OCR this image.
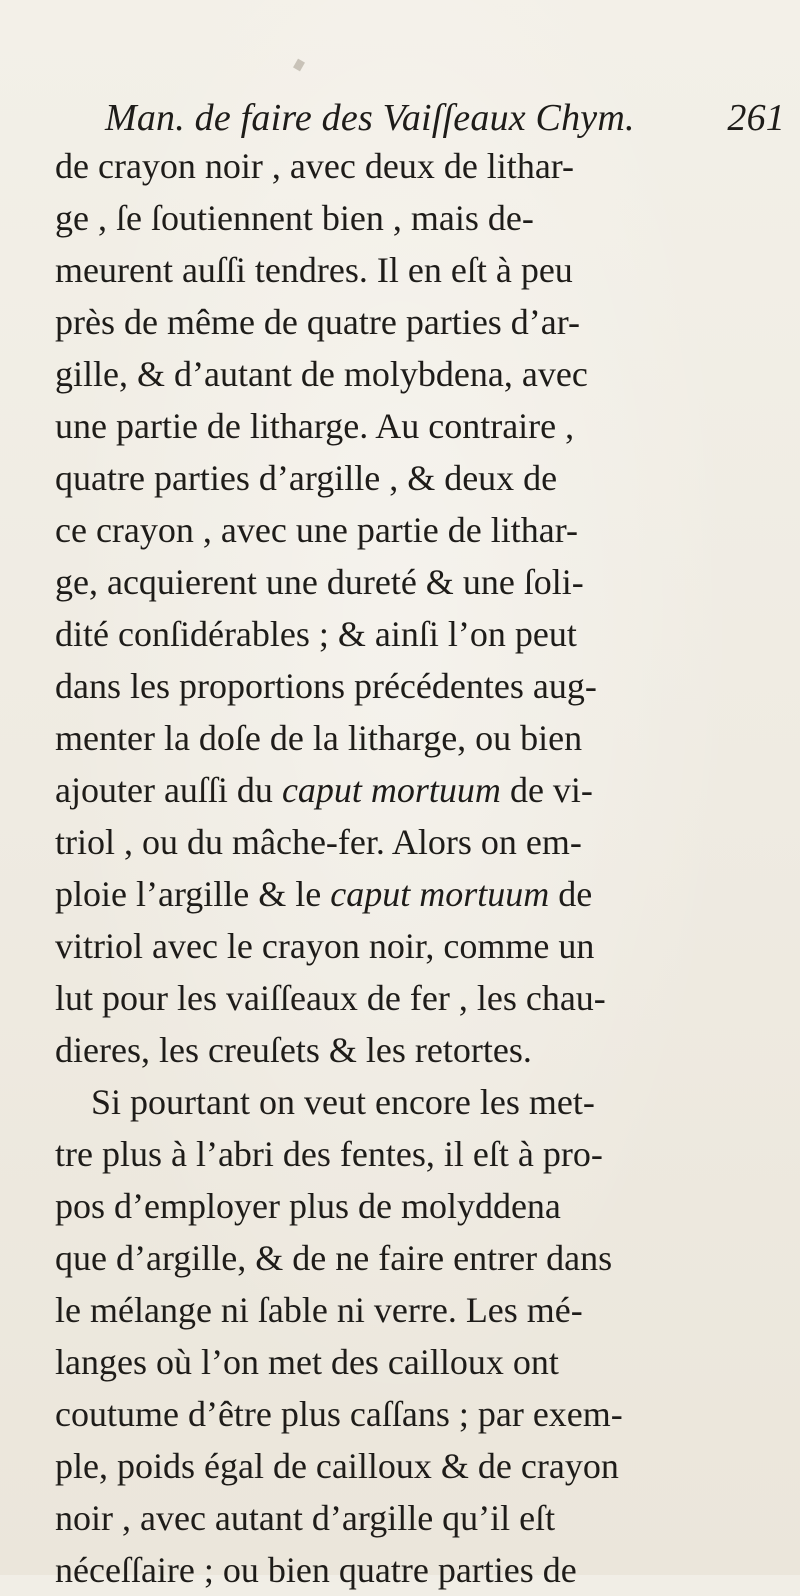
Man. de faire des Vaiſſeaux Chym. 261
de crayon noir , avec deux de lithar-
ge , ſe ſoutiennent bien , mais de-
meurent auſſi tendres. Il en eſt à peu
près de même de quatre parties d’ar-
gille, & d’autant de molybdena, avec
une partie de litharge. Au contraire ,
quatre parties d’argille , & deux de
ce crayon , avec une partie de lithar-
ge, acquierent une dureté & une ſoli-
dité conſidérables ; & ainſi l’on peut
dans les proportions précédentes aug-
menter la doſe de la litharge, ou bien
ajouter auſſi du caput mortuum de vi-
triol , ou du mâche-fer. Alors on em-
ploie l’argille & le caput mortuum de
vitriol avec le crayon noir, comme un
lut pour les vaiſſeaux de fer , les chau-
dieres, les creuſets & les retortes.
Si pourtant on veut encore les met-
tre plus à l’abri des fentes, il eſt à pro-
pos d’employer plus de molyddena
que d’argille, & de ne faire entrer dans
le mélange ni ſable ni verre. Les mé-
langes où l’on met des cailloux ont
coutume d’être plus caſſans ; par exem-
ple, poids égal de cailloux & de crayon
noir , avec autant d’argille qu’il eſt
néceſſaire ; ou bien quatre parties de
